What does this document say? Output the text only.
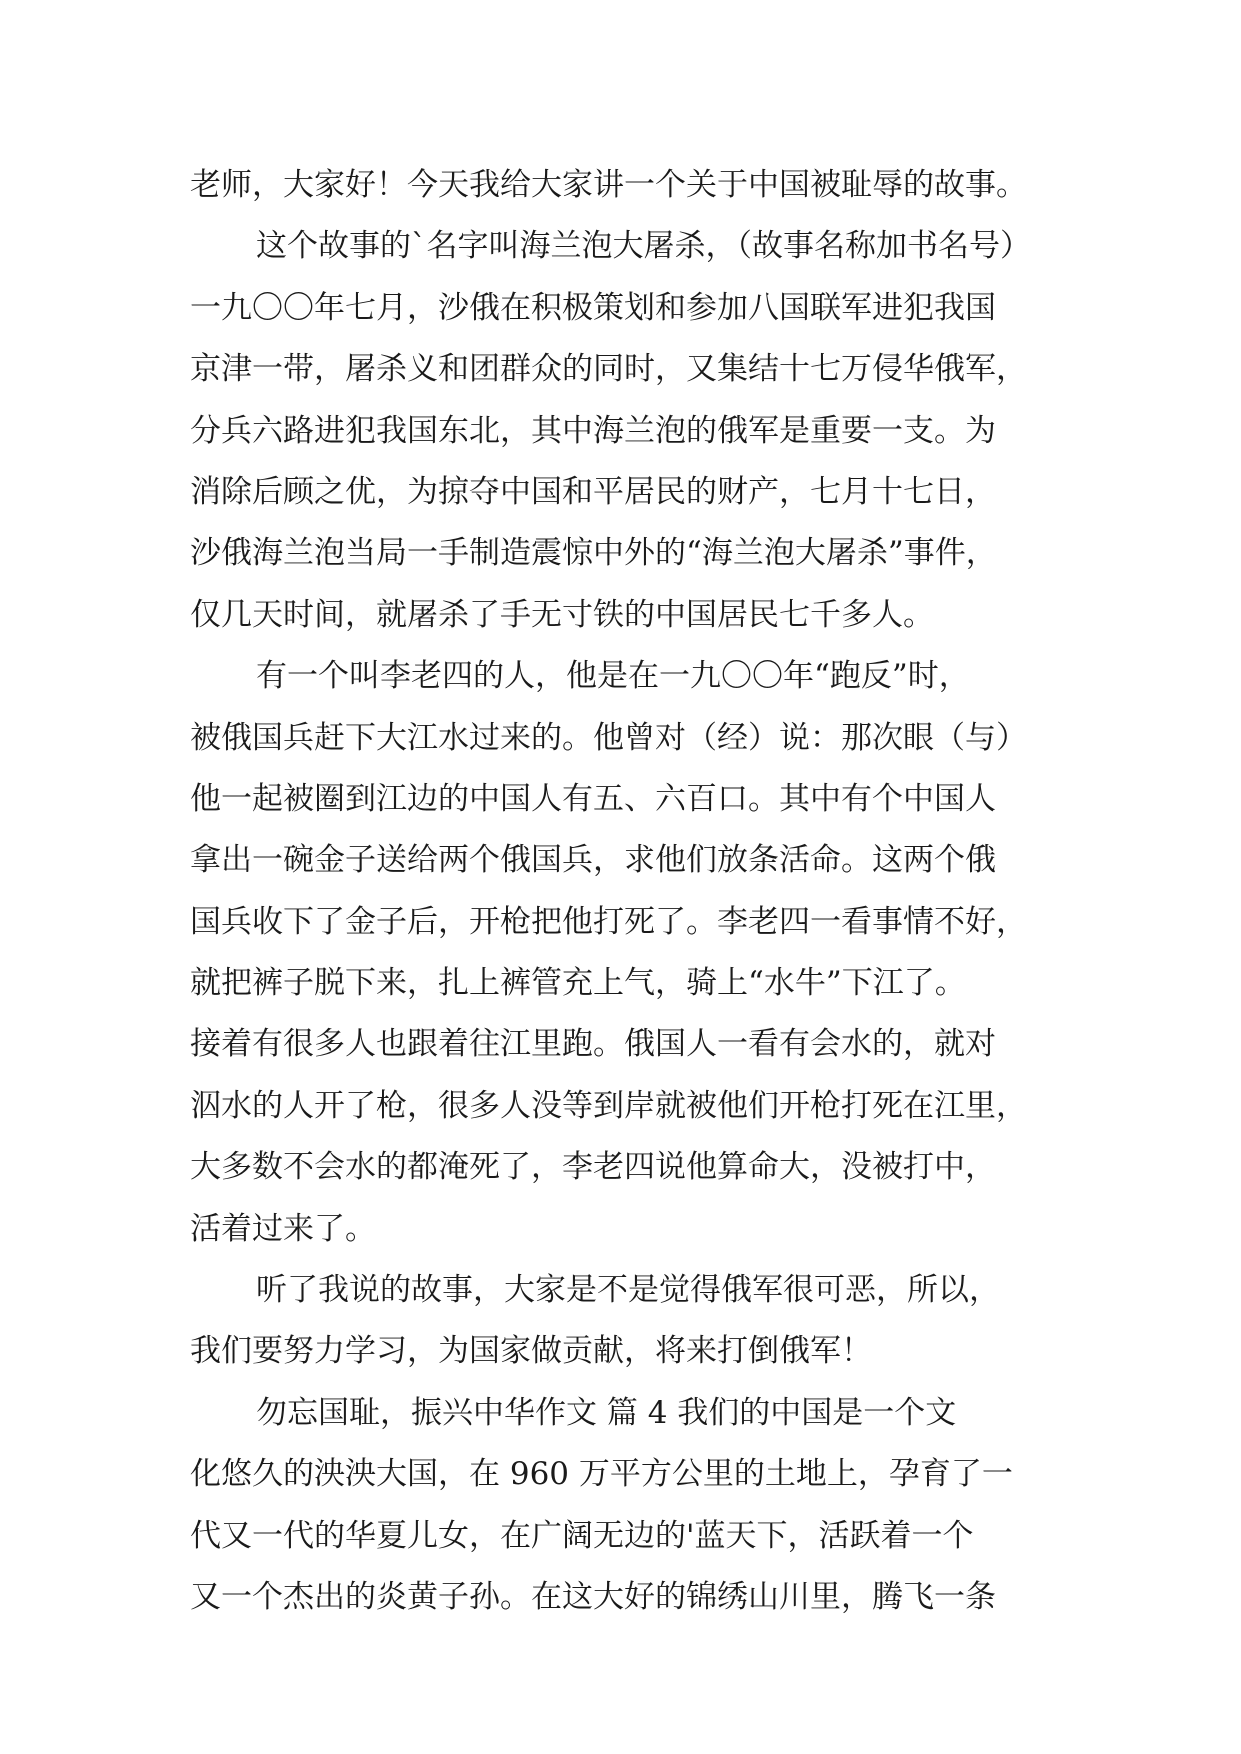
老师，大家好！今天我给大家讲一个关于中国被耻辱的故事。
这个故事的`名字叫海兰泡大屠杀，（故事名称加书名号）
一九〇〇年七月，沙俄在积极策划和参加八国联军进犯我国
京津一带，屠杀义和团群众的同时，又集结十七万侵华俄军，
分兵六路进犯我国东北，其中海兰泡的俄军是重要一支。为
消除后顾之优，为掠夺中国和平居民的财产，七月十七日，
沙俄海兰泡当局一手制造震惊中外的“海兰泡大屠杀”事件，
仅几天时间，就屠杀了手无寸铁的中国居民七千多人。
有一个叫李老四的人，他是在一九〇〇年“跑反”时，
被俄国兵赶下大江水过来的。他曾对（经）说：那次眼（与）
他一起被圈到江边的中国人有五、六百口。其中有个中国人
拿出一碗金子送给两个俄国兵，求他们放条活命。这两个俄
国兵收下了金子后，开枪把他打死了。李老四一看事情不好，
就把裤子脱下来，扎上裤管充上气，骑上“水牛”下江了。
接着有很多人也跟着往江里跑。俄国人一看有会水的，就对
泅水的人开了枪，很多人没等到岸就被他们开枪打死在江里，
大多数不会水的都淹死了，李老四说他算命大，没被打中，
活着过来了。
听了我说的故事，大家是不是觉得俄军很可恶，所以，
我们要努力学习，为国家做贡献，将来打倒俄军！
勿忘国耻，振兴中华作文 篇 4 我们的中国是一个文
化悠久的泱泱大国，在 960 万平方公里的土地上，孕育了一
代又一代的华夏儿女，在广阔无边的'蓝天下，活跃着一个
又一个杰出的炎黄子孙。在这大好的锦绣山川里，腾飞一条
